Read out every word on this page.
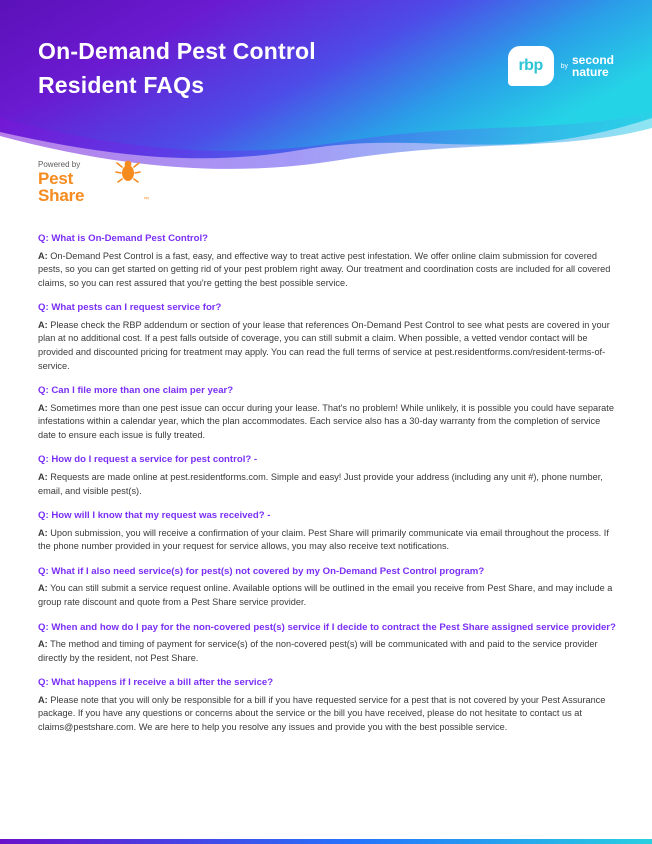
On-Demand Pest Control
Resident FAQs
rbp	by second
nature
Powered by
Pest
Share	™
Q: What is On-Demand Pest Control?
A: On-Demand Pest Control is a fast, easy, and effective way to treat active pest infestation. We offer online claim submission for covered pests, so you can get started on getting rid of your pest problem right away. Our treatment and coordination costs are included for all covered claims, so you can rest assured that you're getting the best possible service.
Q: What pests can I request service for?
A: Please check the RBP addendum or section of your lease that references On-Demand Pest Control to see what pests are covered in your plan at no additional cost. If a pest falls outside of coverage, you can still submit a claim. When possible, a vetted vendor contact will be provided and discounted pricing for treatment may apply. You can read the full terms of service at pest.residentforms.com/resident-terms-of-service.
Q: Can I file more than one claim per year?
A: Sometimes more than one pest issue can occur during your lease. That's no problem! While unlikely, it is possible you could have separate infestations within a calendar year, which the plan accommodates. Each service also has a 30-day warranty from the completion of service date to ensure each issue is fully treated.
Q: How do I request a service for pest control? -
A: Requests are made online at pest.residentforms.com. Simple and easy! Just provide your address (including any unit #), phone number, email, and visible pest(s).
Q: How will I know that my request was received? -
A: Upon submission, you will receive a confirmation of your claim. Pest Share will primarily communicate via email throughout the process. If the phone number provided in your request for service allows, you may also receive text notifications.
Q: What if I also need service(s) for pest(s) not covered by my On-Demand Pest Control program?
A: You can still submit a service request online. Available options will be outlined in the email you receive from Pest Share, and may include a group rate discount and quote from a Pest Share service provider.
Q: When and how do I pay for the non-covered pest(s) service if I decide to contract the Pest Share assigned service provider?
A: The method and timing of payment for service(s) of the non-covered pest(s) will be communicated with and paid to the service provider directly by the resident, not Pest Share.
Q: What happens if I receive a bill after the service?
A: Please note that you will only be responsible for a bill if you have requested service for a pest that is not covered by your Pest Assurance package. If you have any questions or concerns about the service or the bill you have received, please do not hesitate to contact us at claims@pestshare.com. We are here to help you resolve any issues and provide you with the best possible service.
